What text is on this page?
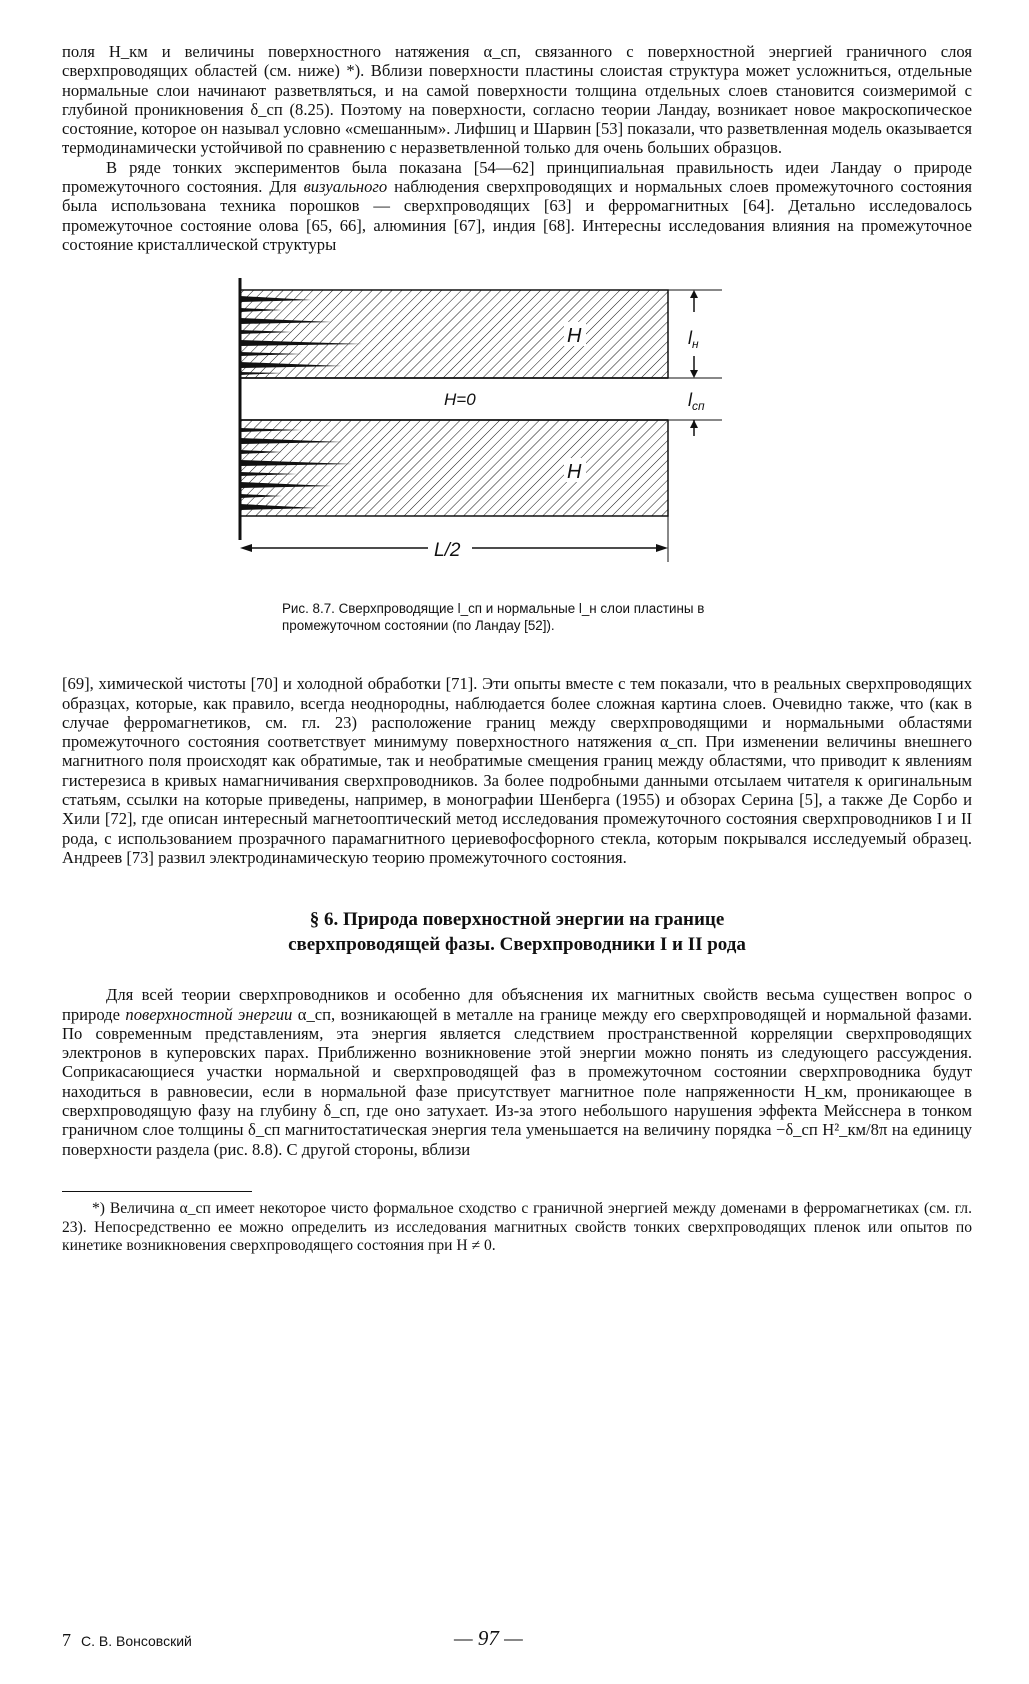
поля H_км и величины поверхностного натяжения α_сп, связанного с поверхностной энергией граничного слоя сверхпроводящих областей (см. ниже) *). Вблизи поверхности пластины слоистая структура может усложниться, отдельные нормальные слои начинают разветвляться, и на самой поверхности толщина отдельных слоев становится соизмеримой с глубиной проникновения δ_сп (8.25). Поэтому на поверхности, согласно теории Ландау, возникает новое макроскопическое состояние, которое он называл условно «смешанным». Лифшиц и Шарвин [53] показали, что разветвленная модель оказывается термодинамически устойчивой по сравнению с неразветвленной только для очень больших образцов.

В ряде тонких экспериментов была показана [54—62] принципиальная правильность идеи Ландау о природе промежуточного состояния. Для визуального наблюдения сверхпроводящих и нормальных слоев промежуточного состояния была использована техника порошков — сверхпроводящих [63] и ферромагнитных [64]. Детально исследовалось промежуточное состояние олова [65, 66], алюминия [67], индия [68]. Интересны исследования влияния на промежуточное состояние кристаллической структуры

H
H=0
H
$l_н$
$l_{сп}$
L/2
Рис. 8.7. Сверхпроводящие l_сп и нормальные l_н слои пластины в промежуточном состоянии (по Ландау [52]).

[69], химической чистоты [70] и холодной обработки [71]. Эти опыты вместе с тем показали, что в реальных сверхпроводящих образцах, которые, как правило, всегда неоднородны, наблюдается более сложная картина слоев. Очевидно также, что (как в случае ферромагнетиков, см. гл. 23) расположение границ между сверхпроводящими и нормальными областями промежуточного состояния соответствует минимуму поверхностного натяжения α_сп. При изменении величины внешнего магнитного поля происходят как обратимые, так и необратимые смещения границ между областями, что приводит к явлениям гистерезиса в кривых намагничивания сверхпроводников. За более подробными данными отсылаем читателя к оригинальным статьям, ссылки на которые приведены, например, в монографии Шенберга (1955) и обзорах Серина [5], а также Де Сорбо и Хили [72], где описан интересный магнетооптический метод исследования промежуточного состояния сверхпроводников I и II рода, с использованием прозрачного парамагнитного цериевофосфорного стекла, которым покрывался исследуемый образец. Андреев [73] развил электродинамическую теорию промежуточного состояния.

§ 6. Природа поверхностной энергии на границе
сверхпроводящей фазы. Сверхпроводники I и II рода

Для всей теории сверхпроводников и особенно для объяснения их магнитных свойств весьма существен вопрос о природе поверхностной энергии α_сп, возникающей в металле на границе между его сверхпроводящей и нормальной фазами. По современным представлениям, эта энергия является следствием пространственной корреляции сверхпроводящих электронов в куперовских парах. Приближенно возникновение этой энергии можно понять из следующего рассуждения. Соприкасающиеся участки нормальной и сверхпроводящей фаз в промежуточном состоянии сверхпроводника будут находиться в равновесии, если в нормальной фазе присутствует магнитное поле напряженности H_км, проникающее в сверхпроводящую фазу на глубину δ_сп, где оно затухает. Из-за этого небольшого нарушения эффекта Мейсснера в тонком граничном слое толщины δ_сп магнитостатическая энергия тела уменьшается на величину порядка −δ_сп H²_км/8π на единицу поверхности раздела (рис. 8.8). С другой стороны, вблизи

*) Величина α_сп имеет некоторое чисто формальное сходство с граничной энергией между доменами в ферромагнетиках (см. гл. 23). Непосредственно ее можно определить из исследования магнитных свойств тонких сверхпроводящих пленок или опытов по кинетике возникновения сверхпроводящего состояния при H ≠ 0.

7 С. В. Вонсовский	— 97 —
